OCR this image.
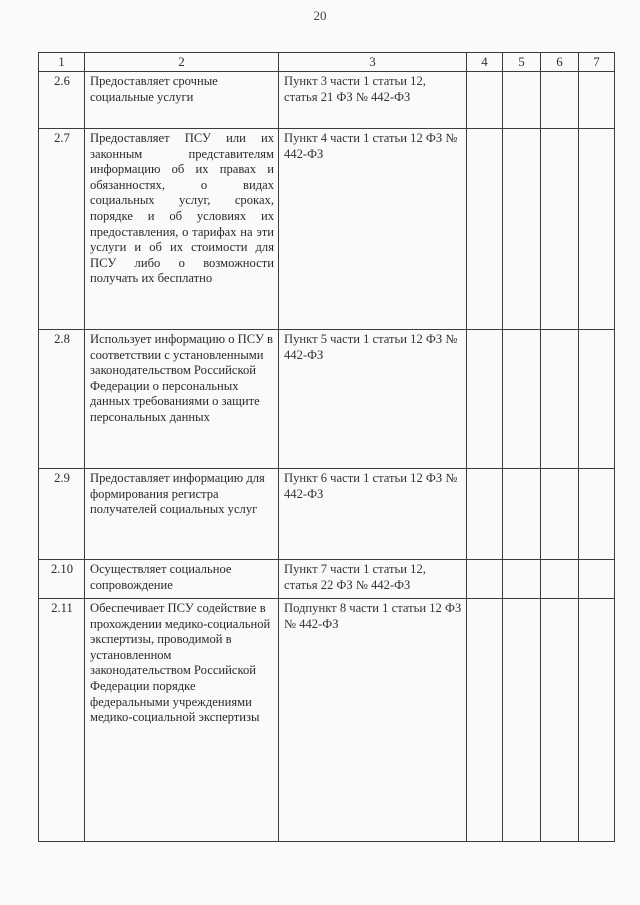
20
1	2	3	4	5	6	7
2.6	Предоставляет срочные социальные услуги	Пункт 3 части 1 статьи 12, статья 21 ФЗ № 442-ФЗ				
2.7	Предоставляет ПСУ или их законным представителям информацию об их правах и обязанностях, о видах социальных услуг, сроках, порядке и об условиях их предоставления, о тарифах на эти услуги и об их стоимости для ПСУ либо о возможности получать их бесплатно	Пункт 4 части 1 статьи 12 ФЗ № 442-ФЗ				
2.8	Использует информацию о ПСУ в соответствии с установленными законодательством Российской Федерации о персональных данных требованиями о защите персональных данных	Пункт 5 части 1 статьи 12 ФЗ № 442-ФЗ				
2.9	Предоставляет информацию для формирования регистра получателей социальных услуг	Пункт 6 части 1 статьи 12 ФЗ № 442-ФЗ				
2.10	Осуществляет социальное сопровождение	Пункт 7 части 1 статьи 12, статья 22 ФЗ № 442-ФЗ				
2.11	Обеспечивает ПСУ содействие в прохождении медико-социальной экспертизы, проводимой в установленном законодательством Российской Федерации порядке федеральными учреждениями медико-социальной экспертизы	Подпункт 8 части 1 статьи 12 ФЗ № 442-ФЗ				
